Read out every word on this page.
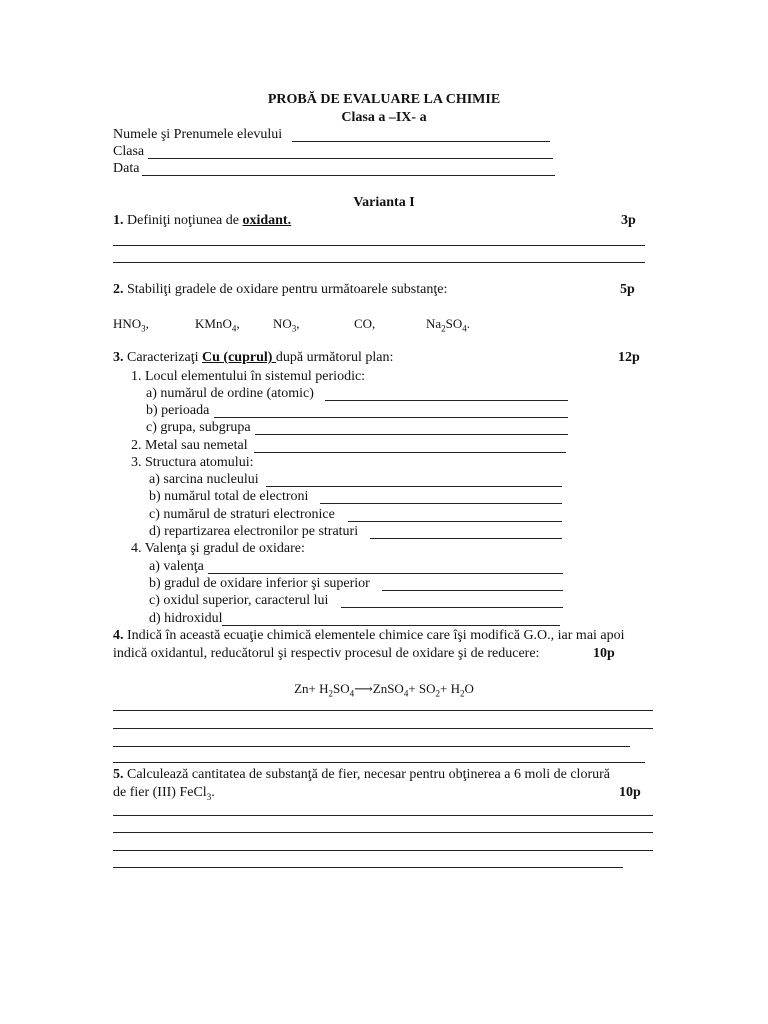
PROBĂ DE EVALUARE LA CHIMIE
Clasa a –IX- a
Numele şi Prenumele elevului
Clasa
Data
Varianta I
1. Definiţi noţiunea de oxidant.	3p
2. Stabiliţi gradele de oxidare pentru următoarele substanţe:	5p
$HNO_3$,	KMnO$_4$,	$NO_3$,	CO,	$Na_2SO_4$.
3. Caracterizaţi Cu (cuprul) după următorul plan:	12p
1. Locul elementului în sistemul periodic:
a) numărul de ordine (atomic)
b) perioada
c) grupa, subgrupa
2. Metal sau nemetal
3. Structura atomului:
a) sarcina nucleului
b) numărul total de electroni
c) numărul de straturi electronice
d) repartizarea electronilor pe straturi
4. Valenţa şi gradul de oxidare:
a) valenţa
b) gradul de oxidare inferior şi superior
c) oxidul superior, caracterul lui
d) hidroxidul
4. Indică în această ecuaţie chimică elementele chimice care îşi modifică G.O., iar mai apoi
indică oxidantul, reducătorul şi respectiv procesul de oxidare şi de reducere:	10p
$Zn+ H_2SO_4⟶ZnSO_4+ SO_2+ H_2O$
5. Calculează cantitatea de substanţă de fier, necesar pentru obţinerea a 6 moli de clorură
de fier (III) FeCl$_3$.	10p
